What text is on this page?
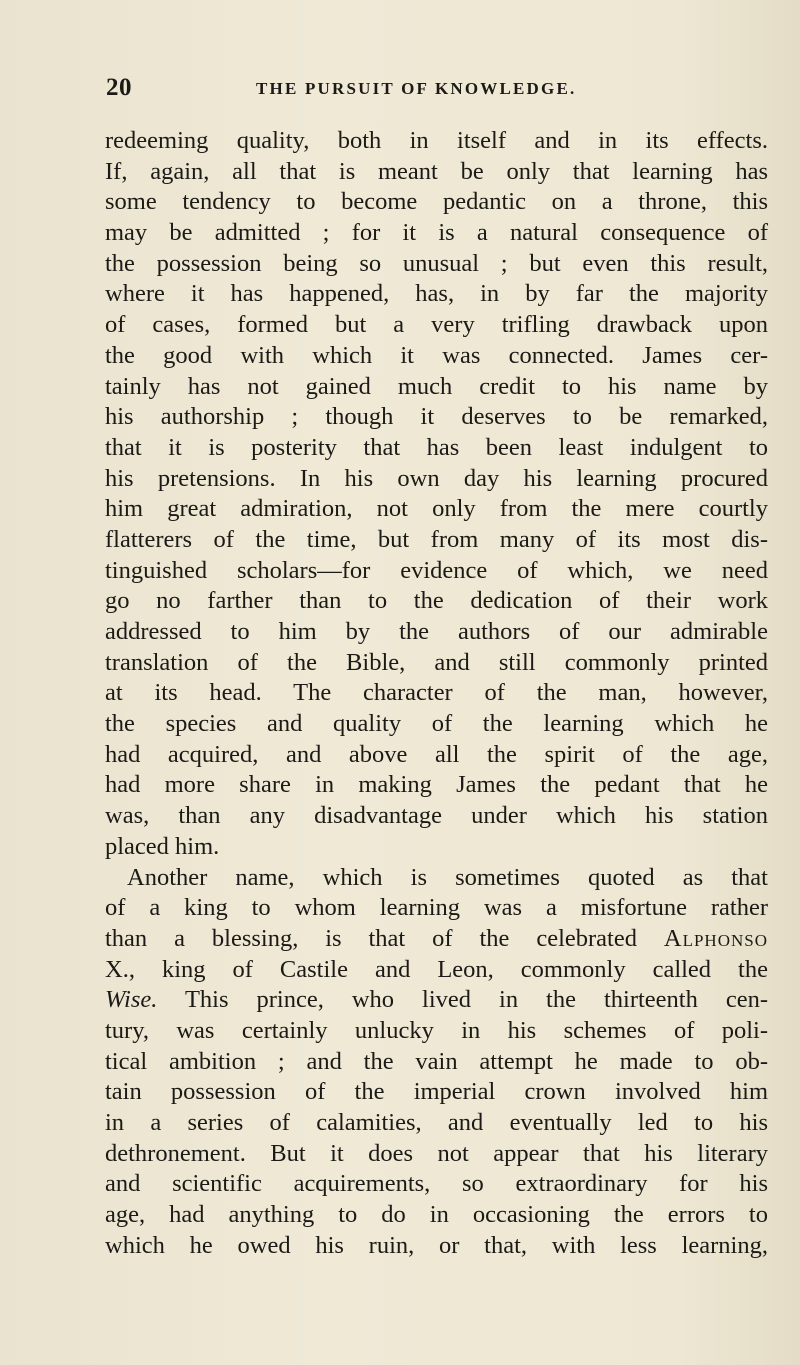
20	THE PURSUIT OF KNOWLEDGE.
redeeming quality, both in itself and in its effects.
If, again, all that is meant be only that learning has
some tendency to become pedantic on a throne, this
may be admitted ; for it is a natural consequence of
the possession being so unusual ; but even this result,
where it has happened, has, in by far the majority
of cases, formed but a very trifling drawback upon
the good with which it was connected. James cer-
tainly has not gained much credit to his name by
his authorship ; though it deserves to be remarked,
that it is posterity that has been least indulgent to
his pretensions. In his own day his learning procured
him great admiration, not only from the mere courtly
flatterers of the time, but from many of its most dis-
tinguished scholars—for evidence of which, we need
go no farther than to the dedication of their work
addressed to him by the authors of our admirable
translation of the Bible, and still commonly printed
at its head. The character of the man, however,
the species and quality of the learning which he
had acquired, and above all the spirit of the age,
had more share in making James the pedant that he
was, than any disadvantage under which his station
placed him.
Another name, which is sometimes quoted as that
of a king to whom learning was a misfortune rather
than a blessing, is that of the celebrated Alphonso
X., king of Castile and Leon, commonly called the
Wise. This prince, who lived in the thirteenth cen-
tury, was certainly unlucky in his schemes of poli-
tical ambition ; and the vain attempt he made to ob-
tain possession of the imperial crown involved him
in a series of calamities, and eventually led to his
dethronement. But it does not appear that his literary
and scientific acquirements, so extraordinary for his
age, had anything to do in occasioning the errors to
which he owed his ruin, or that, with less learning,
